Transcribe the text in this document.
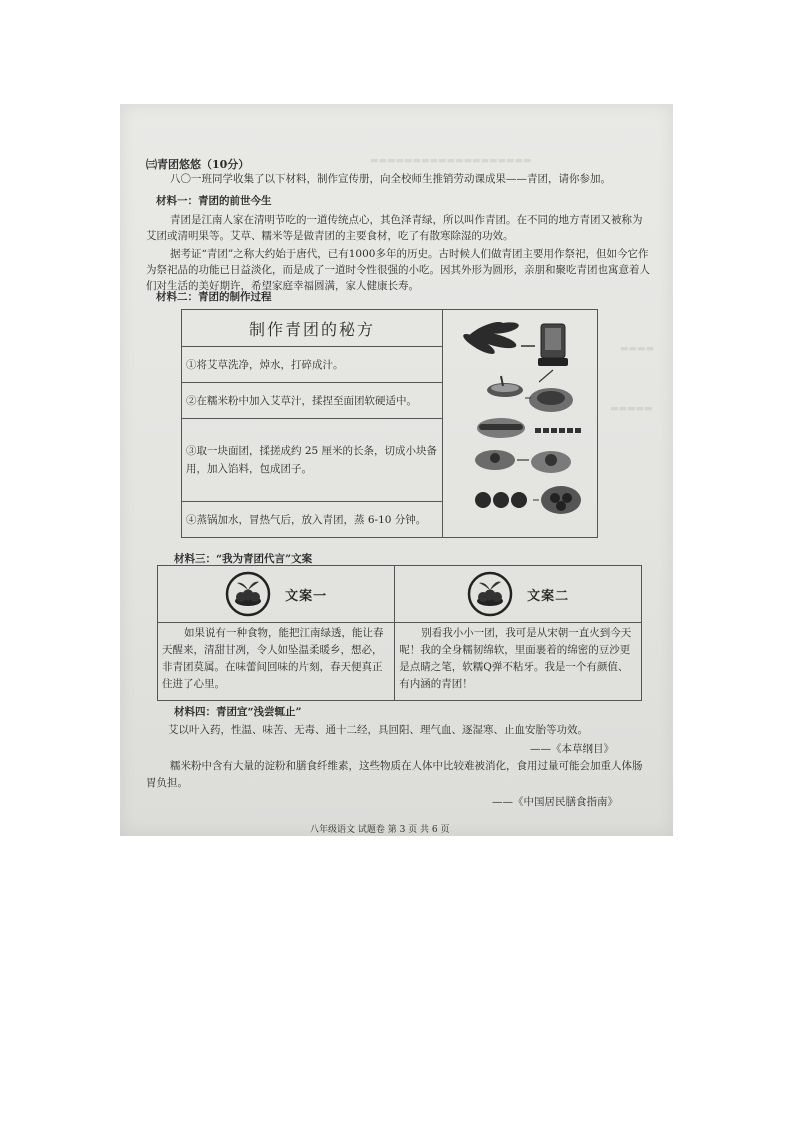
▬▬▬▬▬▬▬▬▬▬▬▬▬▬▬▬▬▬▬
▬▬▬▬
▬▬▬▬▬
㈢青团悠悠（10分）
八〇一班同学收集了以下材料，制作宣传册，向全校师生推销劳动课成果——青团，请你参加。
材料一：青团的前世今生
青团是江南人家在清明节吃的一道传统点心，其色泽青绿，所以叫作青团。在不同的地方青团又被称为艾团或清明果等。艾草、糯米等是做青团的主要食材，吃了有散寒除湿的功效。
据考证“青团”之称大约始于唐代，已有1000多年的历史。古时候人们做青团主要用作祭祀，但如今它作为祭祀品的功能已日益淡化，而是成了一道时令性很强的小吃。因其外形为圆形，亲朋和聚吃青团也寓意着人们对生活的美好期许，希望家庭幸福圆满，家人健康长寿。
材料二：青团的制作过程
制作青团的秘方	
①将艾草洗净，焯水，打碎成汁。
②在糯米粉中加入艾草汁，揉捏至面团软硬适中。
③取一块面团，揉搓成约 25 厘米的长条，切成小块备用，加入馅料，包成团子。
④蒸锅加水，冒热气后，放入青团，蒸 6-10 分钟。
材料三：“我为青团代言”文案
文案一	文案二

如果说有一种食物，能把江南绿透，能让春天醒来，清甜甘冽，令人如坠温柔暖乡，想必，非青团莫属。在味蕾间回味的片刻，春天便真正住进了心里。	别看我小小一团，我可是从宋朝一直火到今天呢！我的全身糯韧绵软，里面裹着的绵密的豆沙更是点睛之笔，软糯Q弹不粘牙。我是一个有颜值、有内涵的青团！
材料四：青团宜“浅尝辄止”
艾以叶入药，性温、味苦、无毒、通十二经，具回阳、理气血、逐湿寒、止血安胎等功效。
——《本草纲目》
糯米粉中含有大量的淀粉和膳食纤维素，这些物质在人体中比较难被消化，食用过量可能会加重人体肠胃负担。
——《中国居民膳食指南》
八年级语文 试题卷 第 3 页 共 6 页
